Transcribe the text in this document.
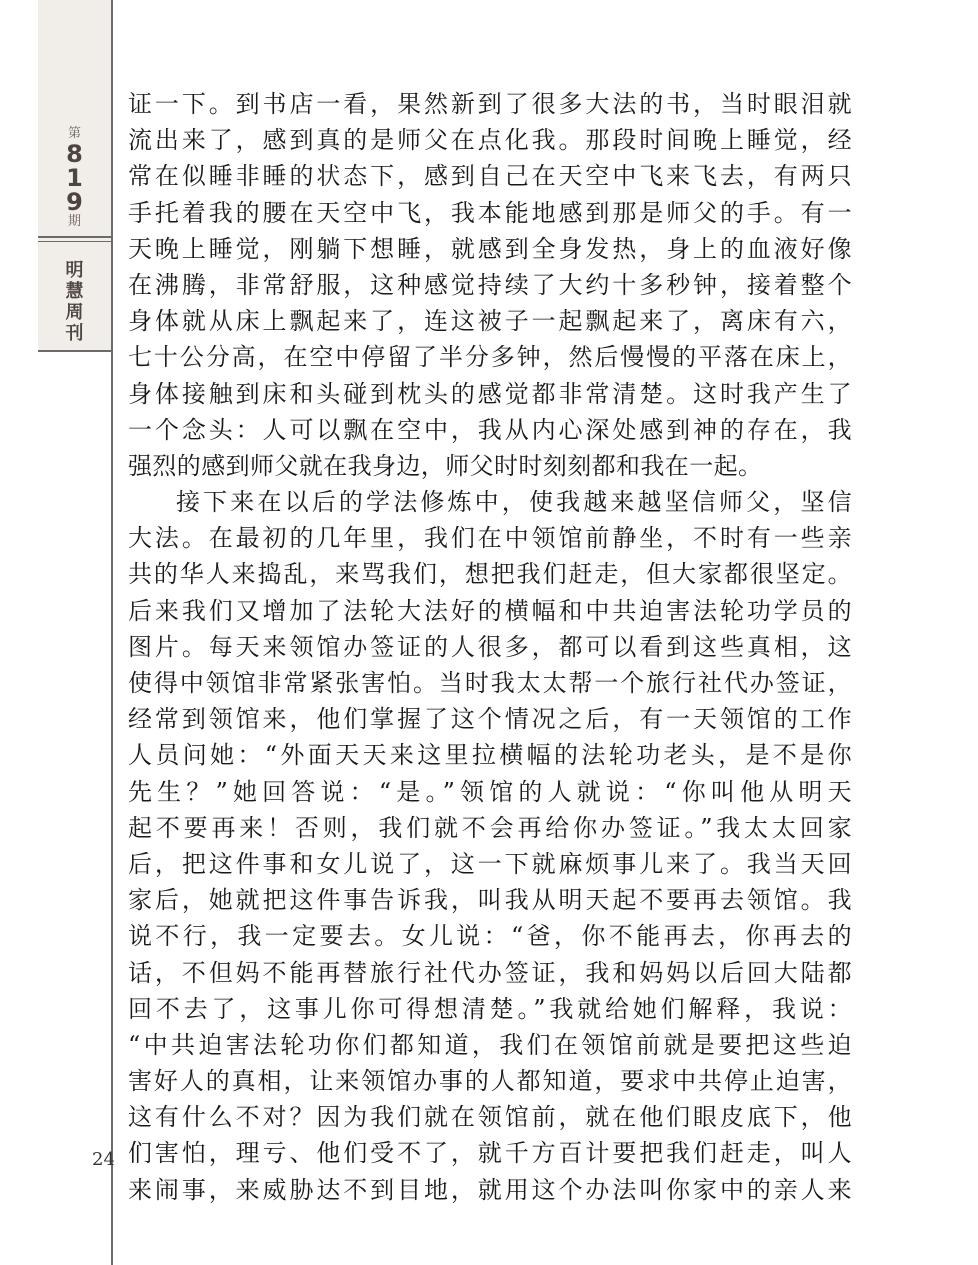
第
8
1
9
期
明
慧
周
刊
24
证一下。到书店一看，果然新到了很多大法的书，当时眼泪就
流出来了，感到真的是师父在点化我。那段时间晚上睡觉，经
常在似睡非睡的状态下，感到自己在天空中飞来飞去，有两只
手托着我的腰在天空中飞，我本能地感到那是师父的手。有一
天晚上睡觉，刚躺下想睡，就感到全身发热，身上的血液好像
在沸腾，非常舒服，这种感觉持续了大约十多秒钟，接着整个
身体就从床上飘起来了，连这被子一起飘起来了，离床有六，
七十公分高，在空中停留了半分多钟，然后慢慢的平落在床上，
身体接触到床和头碰到枕头的感觉都非常清楚。这时我产生了
一个念头：人可以飘在空中，我从内心深处感到神的存在，我
强烈的感到师父就在我身边，师父时时刻刻都和我在一起。
接下来在以后的学法修炼中，使我越来越坚信师父，坚信
大法。在最初的几年里，我们在中领馆前静坐，不时有一些亲
共的华人来捣乱，来骂我们，想把我们赶走，但大家都很坚定。
后来我们又增加了法轮大法好的横幅和中共迫害法轮功学员的
图片。每天来领馆办签证的人很多，都可以看到这些真相，这
使得中领馆非常紧张害怕。当时我太太帮一个旅行社代办签证，
经常到领馆来，他们掌握了这个情况之后，有一天领馆的工作
人员问她：“外面天天来这里拉横幅的法轮功老头，是不是你
先生？”她回答说：“是。”领馆的人就说：“你叫他从明天
起不要再来！否则，我们就不会再给你办签证。”我太太回家
后，把这件事和女儿说了，这一下就麻烦事儿来了。我当天回
家后，她就把这件事告诉我，叫我从明天起不要再去领馆。我
说不行，我一定要去。女儿说：“爸，你不能再去，你再去的
话，不但妈不能再替旅行社代办签证，我和妈妈以后回大陆都
回不去了，这事儿你可得想清楚。”我就给她们解释，我说：
“中共迫害法轮功你们都知道，我们在领馆前就是要把这些迫
害好人的真相，让来领馆办事的人都知道，要求中共停止迫害，
这有什么不对？因为我们就在领馆前，就在他们眼皮底下，他
们害怕，理亏、他们受不了，就千方百计要把我们赶走，叫人
来闹事，来威胁达不到目地，就用这个办法叫你家中的亲人来
